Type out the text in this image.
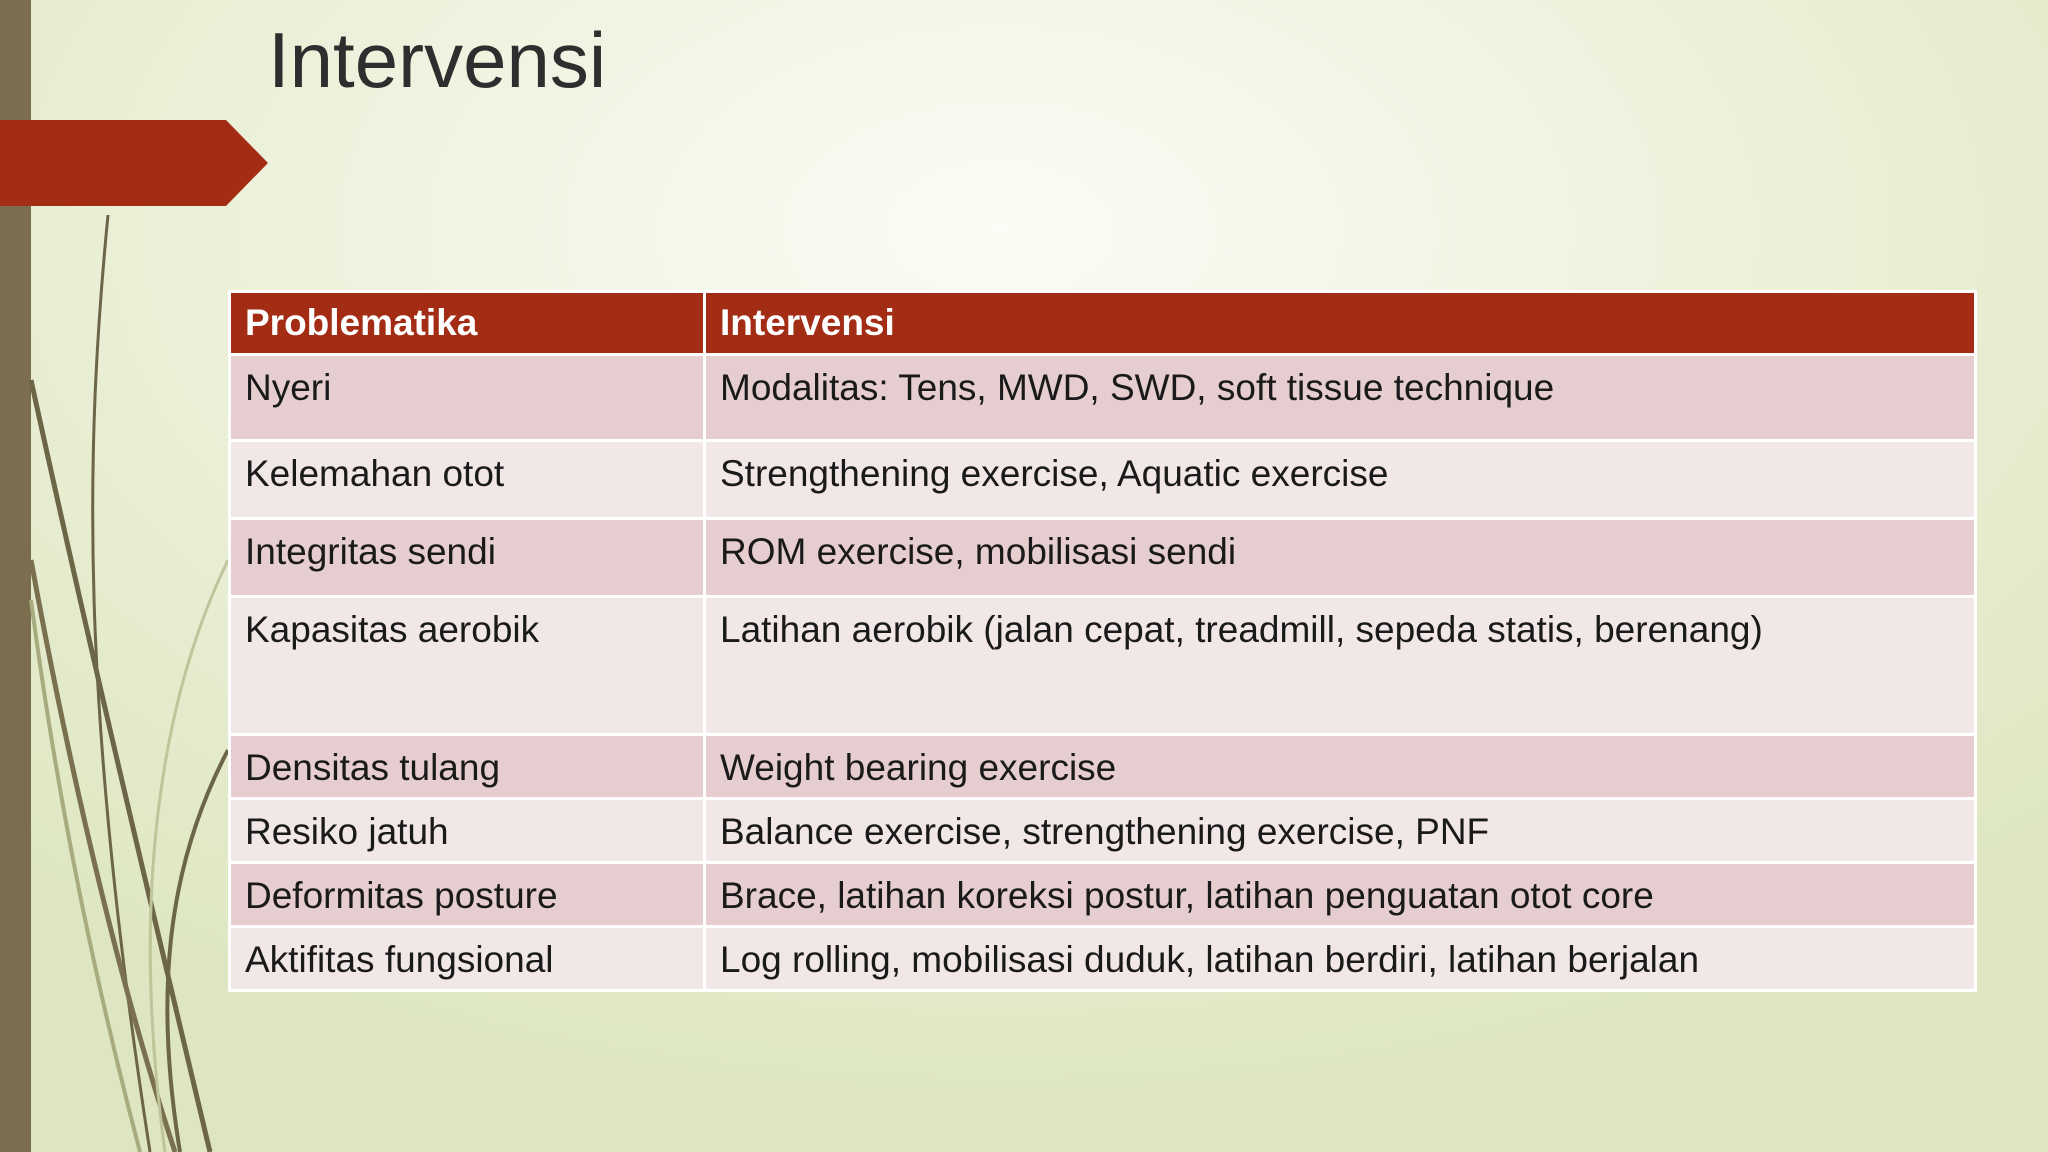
Intervensi
Problematika	Intervensi
Nyeri	Modalitas: Tens, MWD, SWD, soft tissue technique
Kelemahan otot	Strengthening exercise, Aquatic exercise
Integritas sendi	ROM exercise, mobilisasi sendi
Kapasitas aerobik	Latihan aerobik (jalan cepat, treadmill, sepeda statis, berenang)
Densitas tulang	Weight bearing exercise
Resiko jatuh	Balance exercise, strengthening exercise, PNF
Deformitas posture	Brace, latihan koreksi postur, latihan penguatan otot core
Aktifitas fungsional	Log rolling, mobilisasi duduk, latihan berdiri, latihan berjalan
